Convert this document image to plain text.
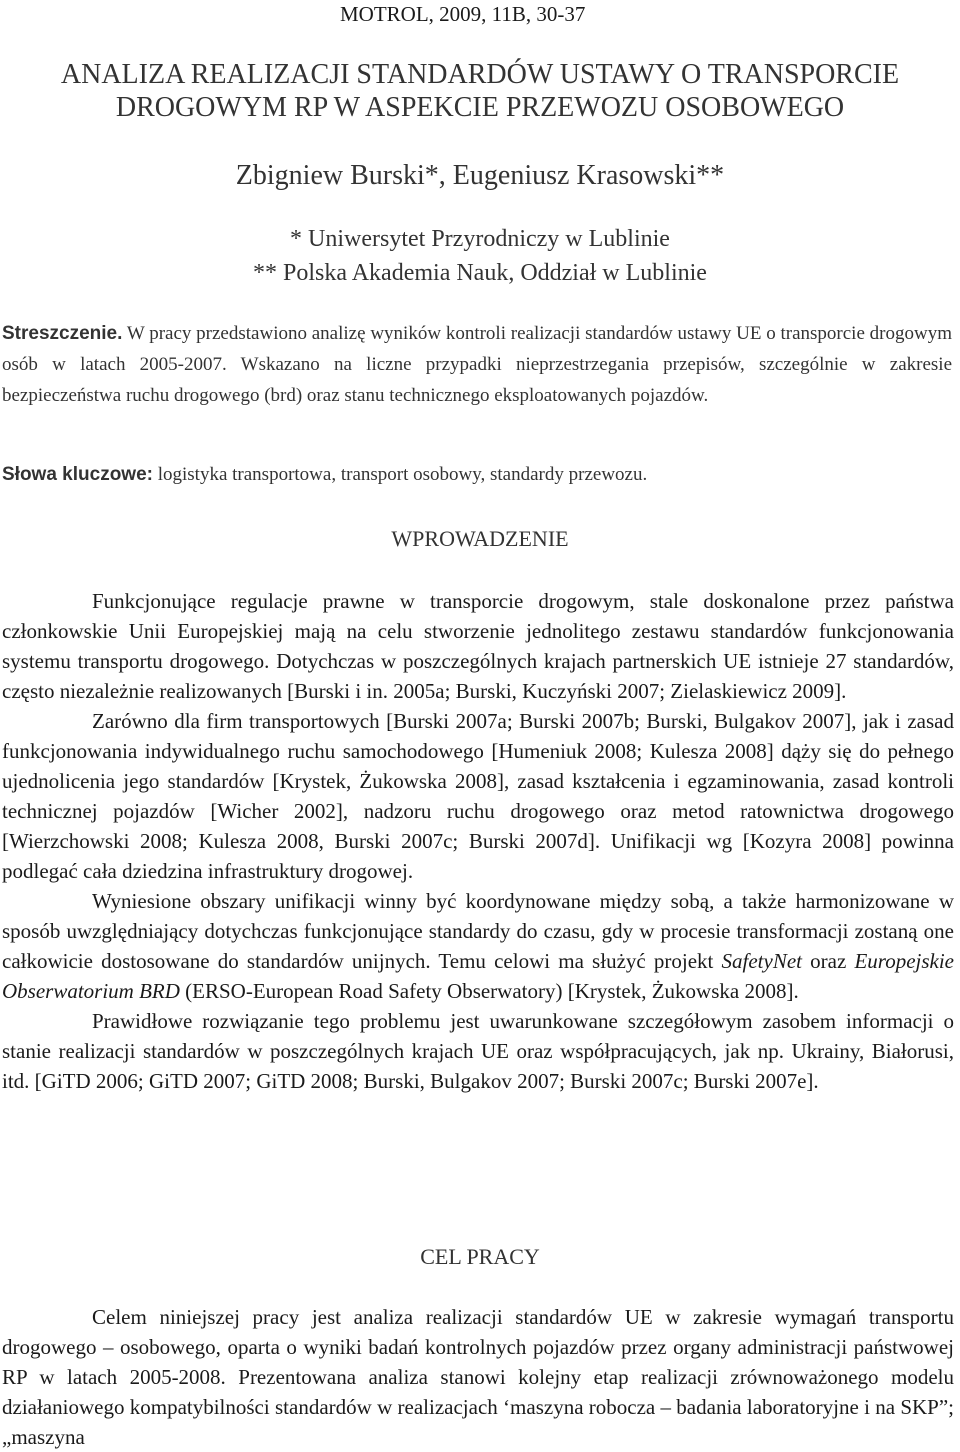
MOTROL, 2009, 11B, 30-37
ANALIZA REALIZACJI STANDARDÓW USTAWY O TRANSPORCIE
DROGOWYM RP W ASPEKCIE PRZEWOZU OSOBOWEGO
Zbigniew Burski*, Eugeniusz Krasowski**
* Uniwersytet Przyrodniczy w Lublinie
** Polska Akademia Nauk, Oddział w Lublinie
Streszczenie. W pracy przedstawiono analizę wyników kontroli realizacji standardów ustawy UE o transporcie drogowym osób w latach 2005-2007. Wskazano na liczne przypadki nieprzestrzegania przepisów, szczególnie w zakresie bezpieczeństwa ruchu drogowego (brd) oraz stanu technicznego eksploatowanych pojazdów.
Słowa kluczowe: logistyka transportowa, transport osobowy, standardy przewozu.
WPROWADZENIE

Funkcjonujące regulacje prawne w transporcie drogowym, stale doskonalone przez państwa członkowskie Unii Europejskiej mają na celu stworzenie jednolitego zestawu standardów funkcjonowania systemu transportu drogowego. Dotychczas w poszczególnych krajach partnerskich UE istnieje 27 standardów, często niezależnie realizowanych [Burski i in. 2005a; Burski, Kuczyński 2007; Zielaskiewicz 2009].

Zarówno dla firm transportowych [Burski 2007a; Burski 2007b; Burski, Bulgakov 2007], jak i zasad funkcjonowania indywidualnego ruchu samochodowego [Humeniuk 2008; Kulesza 2008] dąży się do pełnego ujednolicenia jego standardów [Krystek, Żukowska 2008], zasad kształcenia i egzaminowania, zasad kontroli technicznej pojazdów [Wicher 2002], nadzoru ruchu drogowego oraz metod ratownictwa drogowego [Wierzchowski 2008; Kulesza 2008, Burski 2007c; Burski 2007d]. Unifikacji wg [Kozyra 2008] powinna podlegać cała dziedzina infrastruktury drogowej.

Wyniesione obszary unifikacji winny być koordynowane między sobą, a także harmonizowane w sposób uwzględniający dotychczas funkcjonujące standardy do czasu, gdy w procesie transformacji zostaną one całkowicie dostosowane do standardów unijnych. Temu celowi ma służyć projekt SafetyNet oraz Europejskie Obserwatorium BRD (ERSO-European Road Safety Obserwatory) [Krystek, Żukowska 2008].

Prawidłowe rozwiązanie tego problemu jest uwarunkowane szczegółowym zasobem informacji o stanie realizacji standardów w poszczególnych krajach UE oraz współpracujących, jak np. Ukrainy, Białorusi, itd. [GiTD 2006; GiTD 2007; GiTD 2008; Burski, Bulgakov 2007; Burski 2007c; Burski 2007e].

CEL PRACY

Celem niniejszej pracy jest analiza realizacji standardów UE w zakresie wymagań transportu drogowego – osobowego, oparta o wyniki badań kontrolnych pojazdów przez organy administracji państwowej RP w latach 2005-2008. Prezentowana analiza stanowi kolejny etap realizacji zrównoważonego modelu działaniowego kompatybilności standardów w realizacjach ‘maszyna robocza – badania laboratoryjne i na SKP”; „maszyna
